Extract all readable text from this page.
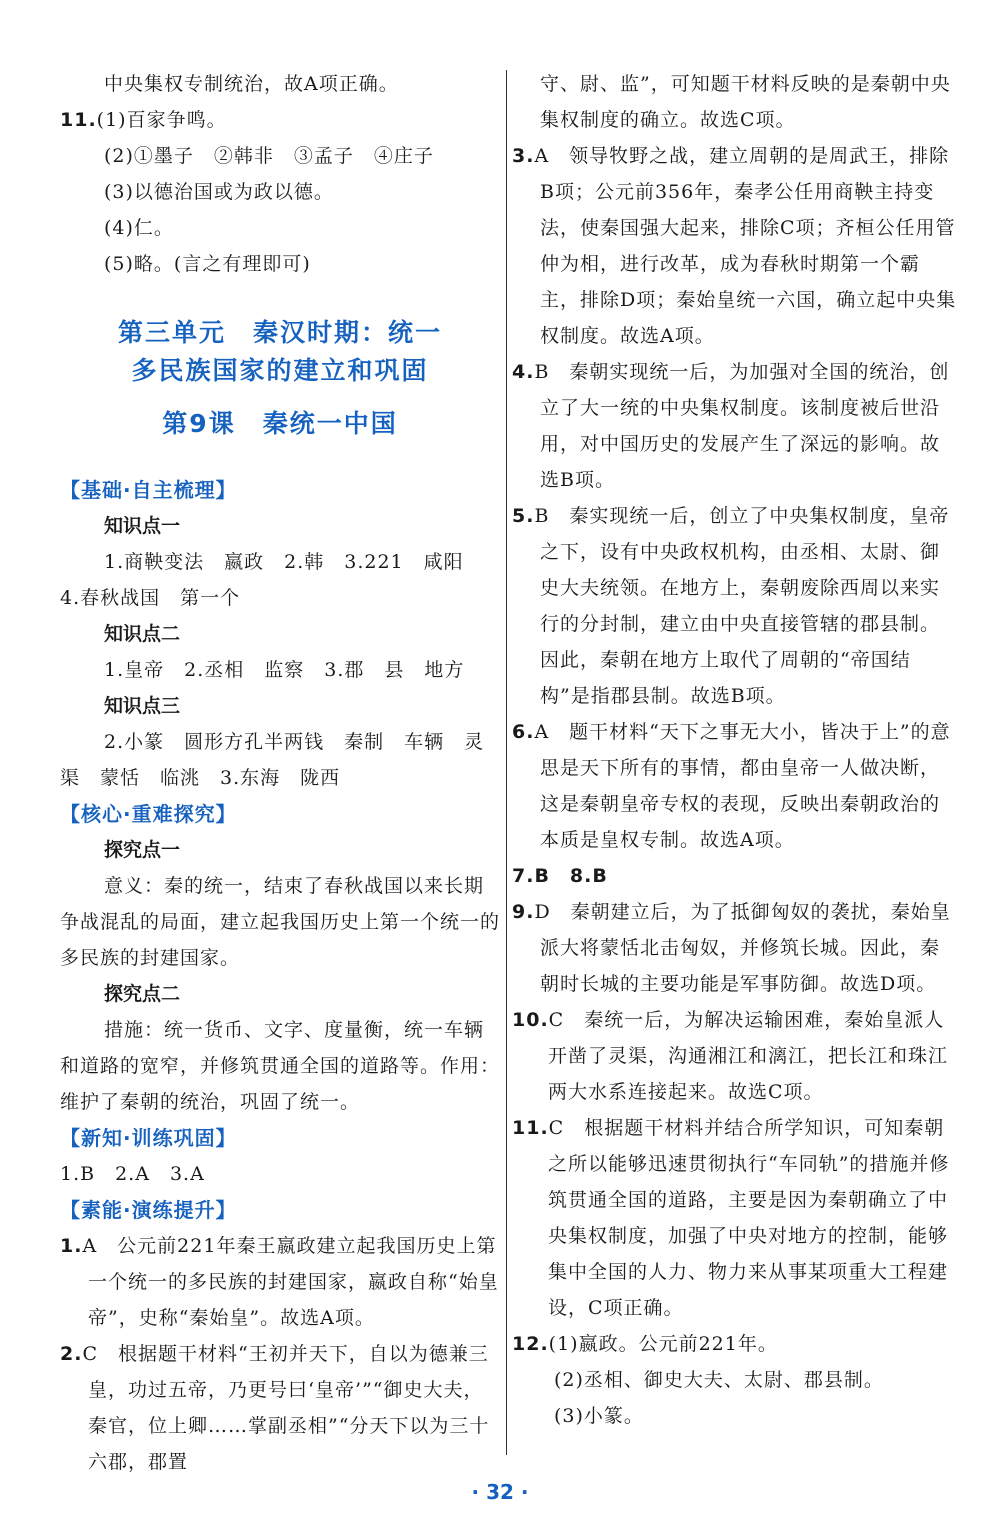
中央集权专制统治，故A项正确。

11.(1)百家争鸣。

(2)①墨子　②韩非　③孟子　④庄子

(3)以德治国或为政以德。

(4)仁。

(5)略。(言之有理即可)

第三单元　秦汉时期：统一

多民族国家的建立和巩固

第9课　秦统一中国

【基础·自主梳理】

知识点一

1.商鞅变法　嬴政　2.韩　3.221　咸阳

4.春秋战国　第一个

知识点二

1.皇帝　2.丞相　监察　3.郡　县　地方

知识点三

2.小篆　圆形方孔半两钱　秦制　车辆　灵渠　蒙恬　临洮　3.东海　陇西

【核心·重难探究】

探究点一

意义：秦的统一，结束了春秋战国以来长期争战混乱的局面，建立起我国历史上第一个统一的多民族的封建国家。

探究点二

措施：统一货币、文字、度量衡，统一车辆和道路的宽窄，并修筑贯通全国的道路等。作用：维护了秦朝的统治，巩固了统一。

【新知·训练巩固】

1.B　2.A　3.A

【素能·演练提升】

1.A　公元前221年秦王嬴政建立起我国历史上第一个统一的多民族的封建国家，嬴政自称“始皇帝”，史称“秦始皇”。故选A项。

2.C　根据题干材料“王初并天下，自以为德兼三皇，功过五帝，乃更号曰‘皇帝’”“御史大夫，秦官，位上卿……掌副丞相”“分天下以为三十六郡，郡置

守、尉、监”，可知题干材料反映的是秦朝中央集权制度的确立。故选C项。

3.A　领导牧野之战，建立周朝的是周武王，排除B项；公元前356年，秦孝公任用商鞅主持变法，使秦国强大起来，排除C项；齐桓公任用管仲为相，进行改革，成为春秋时期第一个霸主，排除D项；秦始皇统一六国，确立起中央集权制度。故选A项。

4.B　秦朝实现统一后，为加强对全国的统治，创立了大一统的中央集权制度。该制度被后世沿用，对中国历史的发展产生了深远的影响。故选B项。

5.B　秦实现统一后，创立了中央集权制度，皇帝之下，设有中央政权机构，由丞相、太尉、御史大夫统领。在地方上，秦朝废除西周以来实行的分封制，建立由中央直接管辖的郡县制。因此，秦朝在地方上取代了周朝的“帝国结构”是指郡县制。故选B项。

6.A　题干材料“天下之事无大小，皆决于上”的意思是天下所有的事情，都由皇帝一人做决断，这是秦朝皇帝专权的表现，反映出秦朝政治的本质是皇权专制。故选A项。

7.B　8.B

9.D　秦朝建立后，为了抵御匈奴的袭扰，秦始皇派大将蒙恬北击匈奴，并修筑长城。因此，秦朝时长城的主要功能是军事防御。故选D项。

10.C　秦统一后，为解决运输困难，秦始皇派人开凿了灵渠，沟通湘江和漓江，把长江和珠江两大水系连接起来。故选C项。

11.C　根据题干材料并结合所学知识，可知秦朝之所以能够迅速贯彻执行“车同轨”的措施并修筑贯通全国的道路，主要是因为秦朝确立了中央集权制度，加强了中央对地方的控制，能够集中全国的人力、物力来从事某项重大工程建设，C项正确。

12.(1)嬴政。公元前221年。

(2)丞相、御史大夫、太尉、郡县制。

(3)小篆。

· 32 ·
